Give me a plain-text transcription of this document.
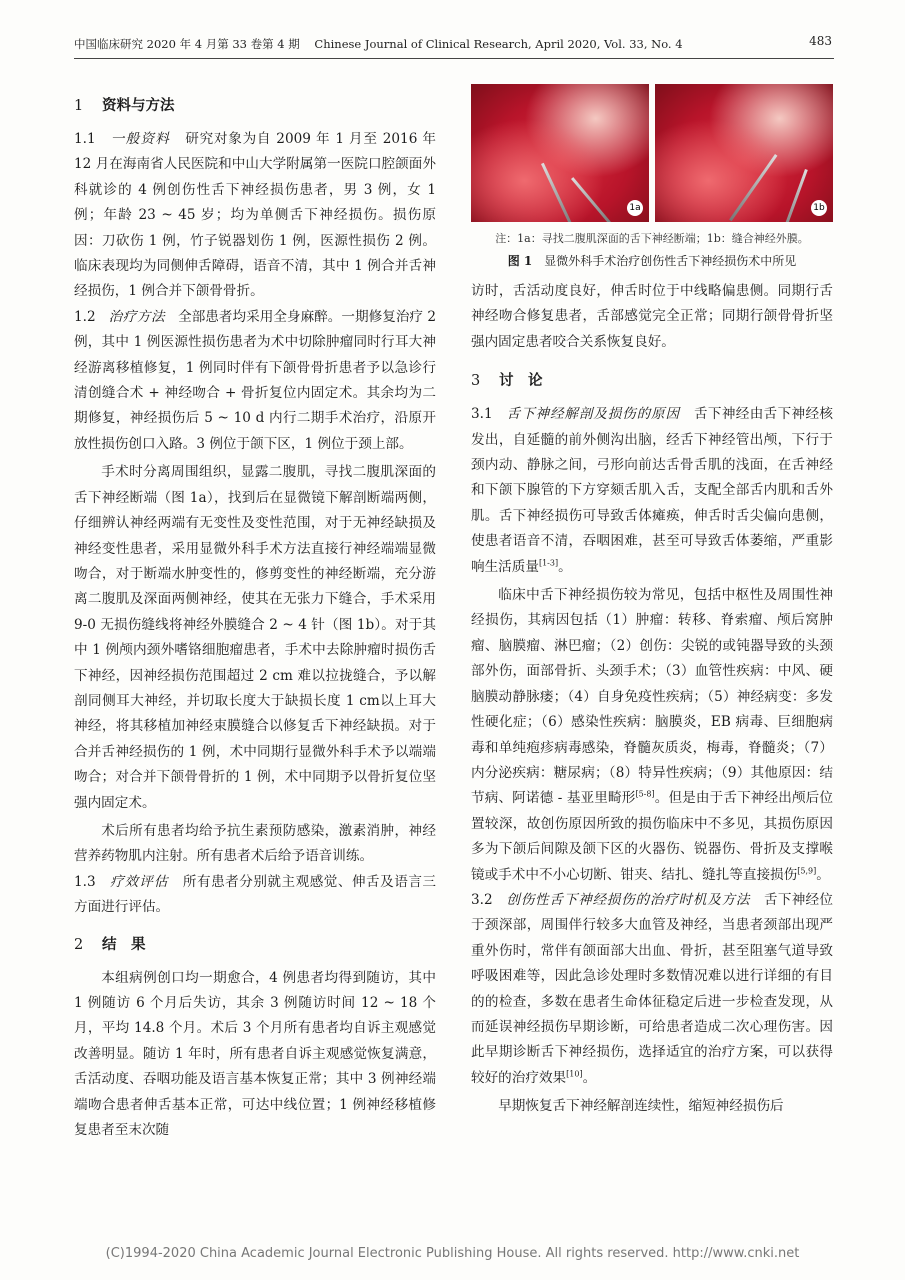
中国临床研究 2020 年 4 月第 33 卷第 4 期 Chinese Journal of Clinical Research, April 2020, Vol. 33, No. 4	483
1 资料与方法

1.1 一般资料 研究对象为自 2009 年 1 月至 2016 年 12 月在海南省人民医院和中山大学附属第一医院口腔颌面外科就诊的 4 例创伤性舌下神经损伤患者，男 3 例，女 1 例；年龄 23 ~ 45 岁；均为单侧舌下神经损伤。损伤原因：刀砍伤 1 例，竹子锐器划伤 1 例，医源性损伤 2 例。临床表现均为同侧伸舌障碍，语音不清，其中 1 例合并舌神经损伤，1 例合并下颌骨骨折。

1.2 治疗方法 全部患者均采用全身麻醉。一期修复治疗 2 例，其中 1 例医源性损伤患者为术中切除肿瘤同时行耳大神经游离移植修复，1 例同时伴有下颌骨骨折患者予以急诊行清创缝合术 + 神经吻合 + 骨折复位内固定术。其余均为二期修复，神经损伤后 5 ~ 10 d 内行二期手术治疗，沿原开放性损伤创口入路。3 例位于颌下区，1 例位于颈上部。

手术时分离周围组织，显露二腹肌，寻找二腹肌深面的舌下神经断端（图 1a），找到后在显微镜下解剖断端两侧，仔细辨认神经两端有无变性及变性范围，对于无神经缺损及神经变性患者，采用显微外科手术方法直接行神经端端显微吻合，对于断端水肿变性的，修剪变性的神经断端，充分游离二腹肌及深面两侧神经，使其在无张力下缝合，手术采用 9-0 无损伤缝线将神经外膜缝合 2 ~ 4 针（图 1b）。对于其中 1 例颅内颈外嗜铬细胞瘤患者，手术中去除肿瘤时损伤舌下神经，因神经损伤范围超过 2 cm 难以拉拢缝合，予以解剖同侧耳大神经，并切取长度大于缺损长度 1 cm以上耳大神经，将其移植加神经束膜缝合以修复舌下神经缺损。对于合并舌神经损伤的 1 例，术中同期行显微外科手术予以端端吻合；对合并下颌骨骨折的 1 例，术中同期予以骨折复位坚强内固定术。

术后所有患者均给予抗生素预防感染，激素消肿，神经营养药物肌内注射。所有患者术后给予语音训练。

1.3 疗效评估 所有患者分别就主观感觉、伸舌及语言三方面进行评估。

2 结　果

本组病例创口均一期愈合，4 例患者均得到随访，其中 1 例随访 6 个月后失访，其余 3 例随访时间 12 ~ 18 个月，平均 14.8 个月。术后 3 个月所有患者均自诉主观感觉改善明显。随访 1 年时，所有患者自诉主观感觉恢复满意，舌活动度、吞咽功能及语言基本恢复正常；其中 3 例神经端端吻合患者伸舌基本正常，可达中线位置；1 例神经移植修复患者至末次随

1a	1b
注：1a：寻找二腹肌深面的舌下神经断端；1b：缝合神经外膜。
图 1 显微外科手术治疗创伤性舌下神经损伤术中所见

访时，舌活动度良好，伸舌时位于中线略偏患侧。同期行舌神经吻合修复患者，舌部感觉完全正常；同期行颌骨骨折坚强内固定患者咬合关系恢复良好。

3 讨　论

3.1 舌下神经解剖及损伤的原因 舌下神经由舌下神经核发出，自延髓的前外侧沟出脑，经舌下神经管出颅，下行于颈内动、静脉之间，弓形向前达舌骨舌肌的浅面，在舌神经和下颌下腺管的下方穿颏舌肌入舌，支配全部舌内肌和舌外肌。舌下神经损伤可导致舌体瘫痪，伸舌时舌尖偏向患侧，使患者语音不清，吞咽困难，甚至可导致舌体萎缩，严重影响生活质量[1-3]。

临床中舌下神经损伤较为常见，包括中枢性及周围性神经损伤，其病因包括（1）肿瘤：转移、脊索瘤、颅后窝肿瘤、脑膜瘤、淋巴瘤；（2）创伤：尖锐的或钝器导致的头颈部外伤，面部骨折、头颈手术；（3）血管性疾病：中风、硬脑膜动静脉瘘；（4）自身免疫性疾病；（5）神经病变：多发性硬化症；（6）感染性疾病：脑膜炎，EB 病毒、巨细胞病毒和单纯疱疹病毒感染，脊髓灰质炎，梅毒，脊髓炎；（7）内分泌疾病：糖尿病；（8）特异性疾病；（9）其他原因：结节病、阿诺德 - 基亚里畸形[5-8]。但是由于舌下神经出颅后位置较深，故创伤原因所致的损伤临床中不多见，其损伤原因多为下颌后间隙及颌下区的火器伤、锐器伤、骨折及支撑喉镜或手术中不小心切断、钳夹、结扎、缝扎等直接损伤[5,9]。

3.2 创伤性舌下神经损伤的治疗时机及方法 舌下神经位于颈深部，周围伴行较多大血管及神经，当患者颈部出现严重外伤时，常伴有颌面部大出血、骨折，甚至阻塞气道导致呼吸困难等，因此急诊处理时多数情况难以进行详细的有目的的检查，多数在患者生命体征稳定后进一步检查发现，从而延误神经损伤早期诊断，可给患者造成二次心理伤害。因此早期诊断舌下神经损伤，选择适宜的治疗方案，可以获得较好的治疗效果[10]。

早期恢复舌下神经解剖连续性，缩短神经损伤后

(C)1994-2020 China Academic Journal Electronic Publishing House. All rights reserved. http://www.cnki.net
